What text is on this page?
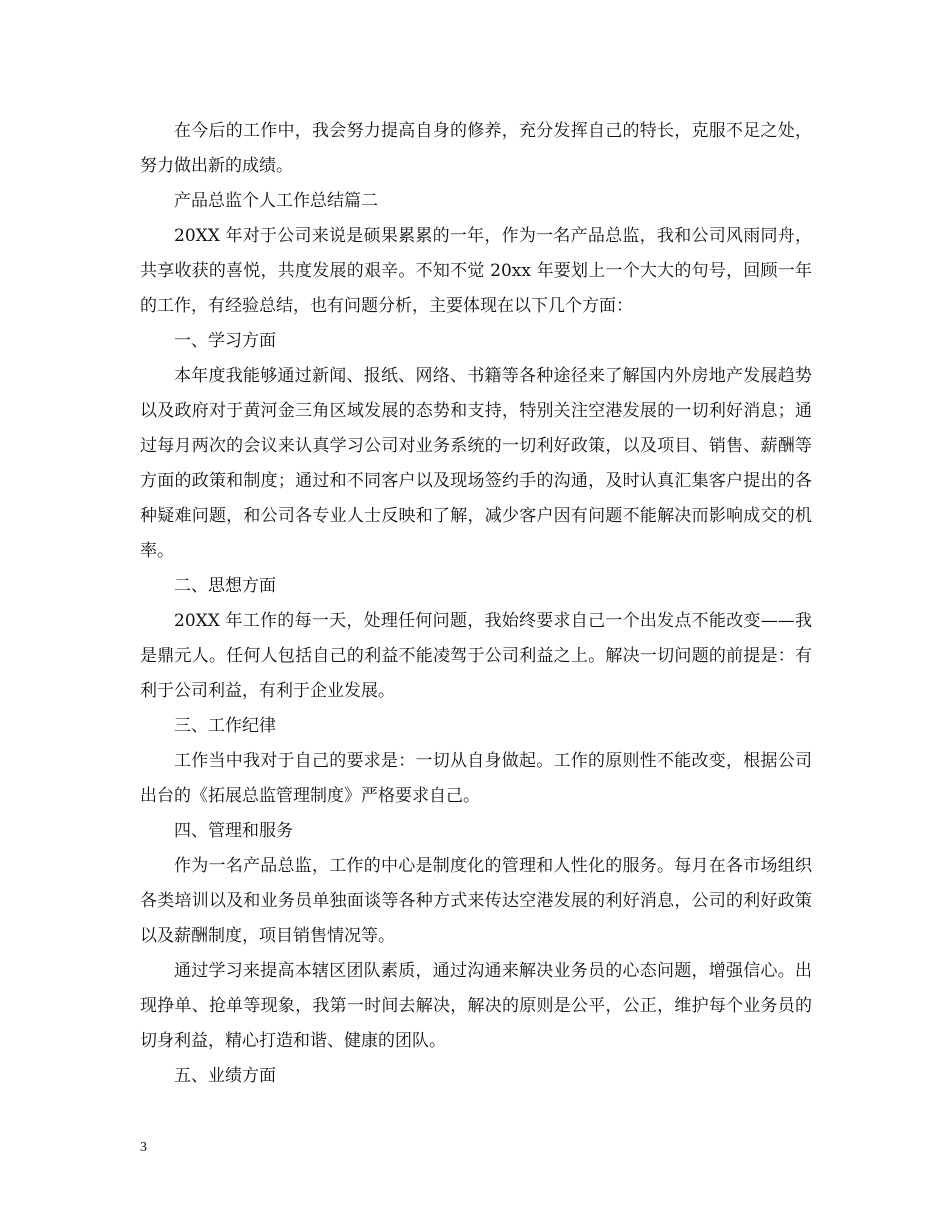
在今后的工作中，我会努力提高自身的修养，充分发挥自己的特长，克服不足之处，努力做出新的成绩。

产品总监个人工作总结篇二

20XX 年对于公司来说是硕果累累的一年，作为一名产品总监，我和公司风雨同舟，共享收获的喜悦，共度发展的艰辛。不知不觉 20xx 年要划上一个大大的句号，回顾一年的工作，有经验总结，也有问题分析，主要体现在以下几个方面：

一、学习方面

本年度我能够通过新闻、报纸、网络、书籍等各种途径来了解国内外房地产发展趋势以及政府对于黄河金三角区域发展的态势和支持，特别关注空港发展的一切利好消息；通过每月两次的会议来认真学习公司对业务系统的一切利好政策，以及项目、销售、薪酬等方面的政策和制度；通过和不同客户以及现场签约手的沟通，及时认真汇集客户提出的各种疑难问题，和公司各专业人士反映和了解，减少客户因有问题不能解决而影响成交的机率。

二、思想方面

20XX 年工作的每一天，处理任何问题，我始终要求自己一个出发点不能改变——我是鼎元人。任何人包括自己的利益不能凌驾于公司利益之上。解决一切问题的前提是：有利于公司利益，有利于企业发展。

三、工作纪律

工作当中我对于自己的要求是：一切从自身做起。工作的原则性不能改变，根据公司出台的《拓展总监管理制度》严格要求自己。

四、管理和服务

作为一名产品总监，工作的中心是制度化的管理和人性化的服务。每月在各市场组织各类培训以及和业务员单独面谈等各种方式来传达空港发展的利好消息，公司的利好政策以及薪酬制度，项目销售情况等。

通过学习来提高本辖区团队素质，通过沟通来解决业务员的心态问题，增强信心。出现挣单、抢单等现象，我第一时间去解决，解决的原则是公平，公正，维护每个业务员的切身利益，精心打造和谐、健康的团队。

五、业绩方面

3
